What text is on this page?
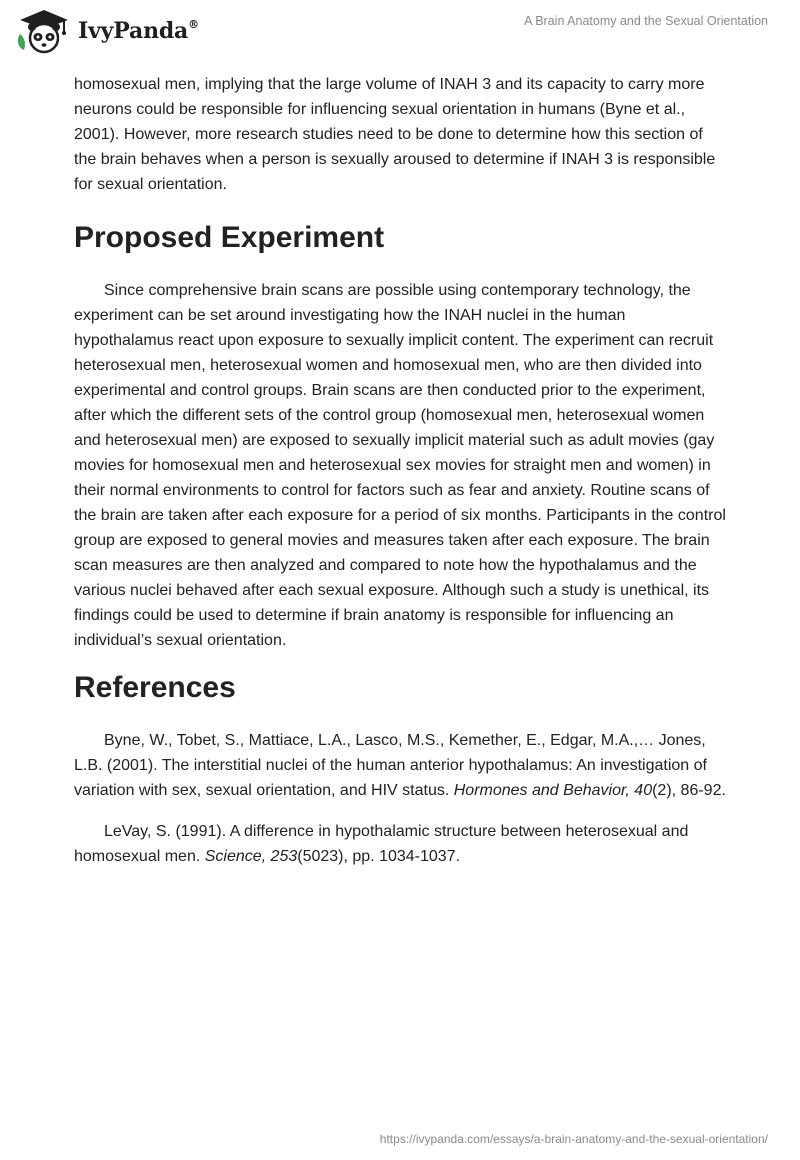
IvyPanda®	A Brain Anatomy and the Sexual Orientation

homosexual men, implying that the large volume of INAH 3 and its capacity to carry more neurons could be responsible for influencing sexual orientation in humans (Byne et al., 2001). However, more research studies need to be done to determine how this section of the brain behaves when a person is sexually aroused to determine if INAH 3 is responsible for sexual orientation.

Proposed Experiment

Since comprehensive brain scans are possible using contemporary technology, the experiment can be set around investigating how the INAH nuclei in the human hypothalamus react upon exposure to sexually implicit content. The experiment can recruit heterosexual men, heterosexual women and homosexual men, who are then divided into experimental and control groups. Brain scans are then conducted prior to the experiment, after which the different sets of the control group (homosexual men, heterosexual women and heterosexual men) are exposed to sexually implicit material such as adult movies (gay movies for homosexual men and heterosexual sex movies for straight men and women) in their normal environments to control for factors such as fear and anxiety. Routine scans of the brain are taken after each exposure for a period of six months. Participants in the control group are exposed to general movies and measures taken after each exposure. The brain scan measures are then analyzed and compared to note how the hypothalamus and the various nuclei behaved after each sexual exposure. Although such a study is unethical, its findings could be used to determine if brain anatomy is responsible for influencing an individual’s sexual orientation.

References

Byne, W., Tobet, S., Mattiace, L.A., Lasco, M.S., Kemether, E., Edgar, M.A.,… Jones, L.B. (2001). The interstitial nuclei of the human anterior hypothalamus: An investigation of variation with sex, sexual orientation, and HIV status. Hormones and Behavior, 40(2), 86-92.

LeVay, S. (1991). A difference in hypothalamic structure between heterosexual and homosexual men. Science, 253(5023), pp. 1034-1037.

https://ivypanda.com/essays/a-brain-anatomy-and-the-sexual-orientation/
